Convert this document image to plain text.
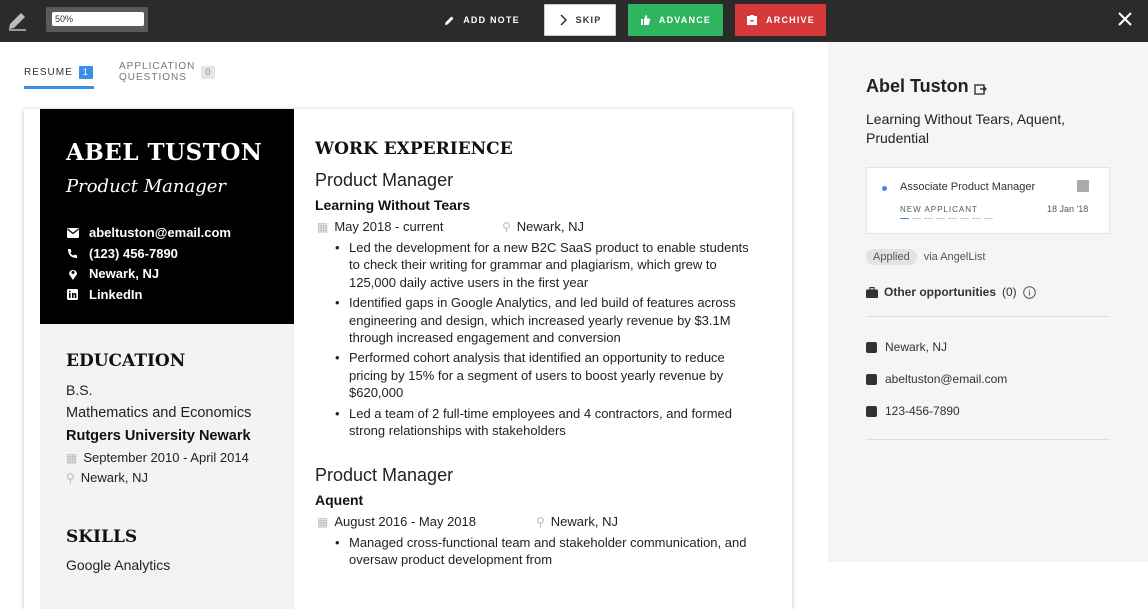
50%	ADD NOTE	SKIP	ADVANCE	ARCHIVE
RESUME	1	APPLICATION QUESTIONS
0
ABEL TUSTON
Product Manager
abeltuston@email.com
(123) 456-7890
Newark, NJ
LinkedIn
EDUCATION
B.S.
Mathematics and Economics
Rutgers University Newark
▦ September 2010 - April 2014
⚲ Newark, NJ
SKILLS
Google Analytics
WORK EXPERIENCE
Product Manager
Learning Without Tears
▦ May 2018 - current	⚲ Newark, NJ
• Led the development for a new B2C SaaS product to enable students to check their writing for grammar and plagiarism, which grew to 125,000 daily active users in the first year
• Identified gaps in Google Analytics, and led build of features across engineering and design, which increased yearly revenue by $3.1M through increased engagement and conversion
• Performed cohort analysis that identified an opportunity to reduce pricing by 15% for a segment of users to boost yearly revenue by $620,000
• Led a team of 2 full-time employees and 4 contractors, and formed strong relationships with stakeholders
Product Manager
Aquent
▦ August 2016 - May 2018	⚲ Newark, NJ
• Managed cross-functional team and stakeholder communication, and oversaw product development from
Abel Tuston
Learning Without Tears, Aquent, Prudential
Associate Product Manager
NEW APPLICANT	18 Jan '18
Applied	via AngelList
Other opportunities (0)
Newark, NJ
abeltuston@email.com
123-456-7890
